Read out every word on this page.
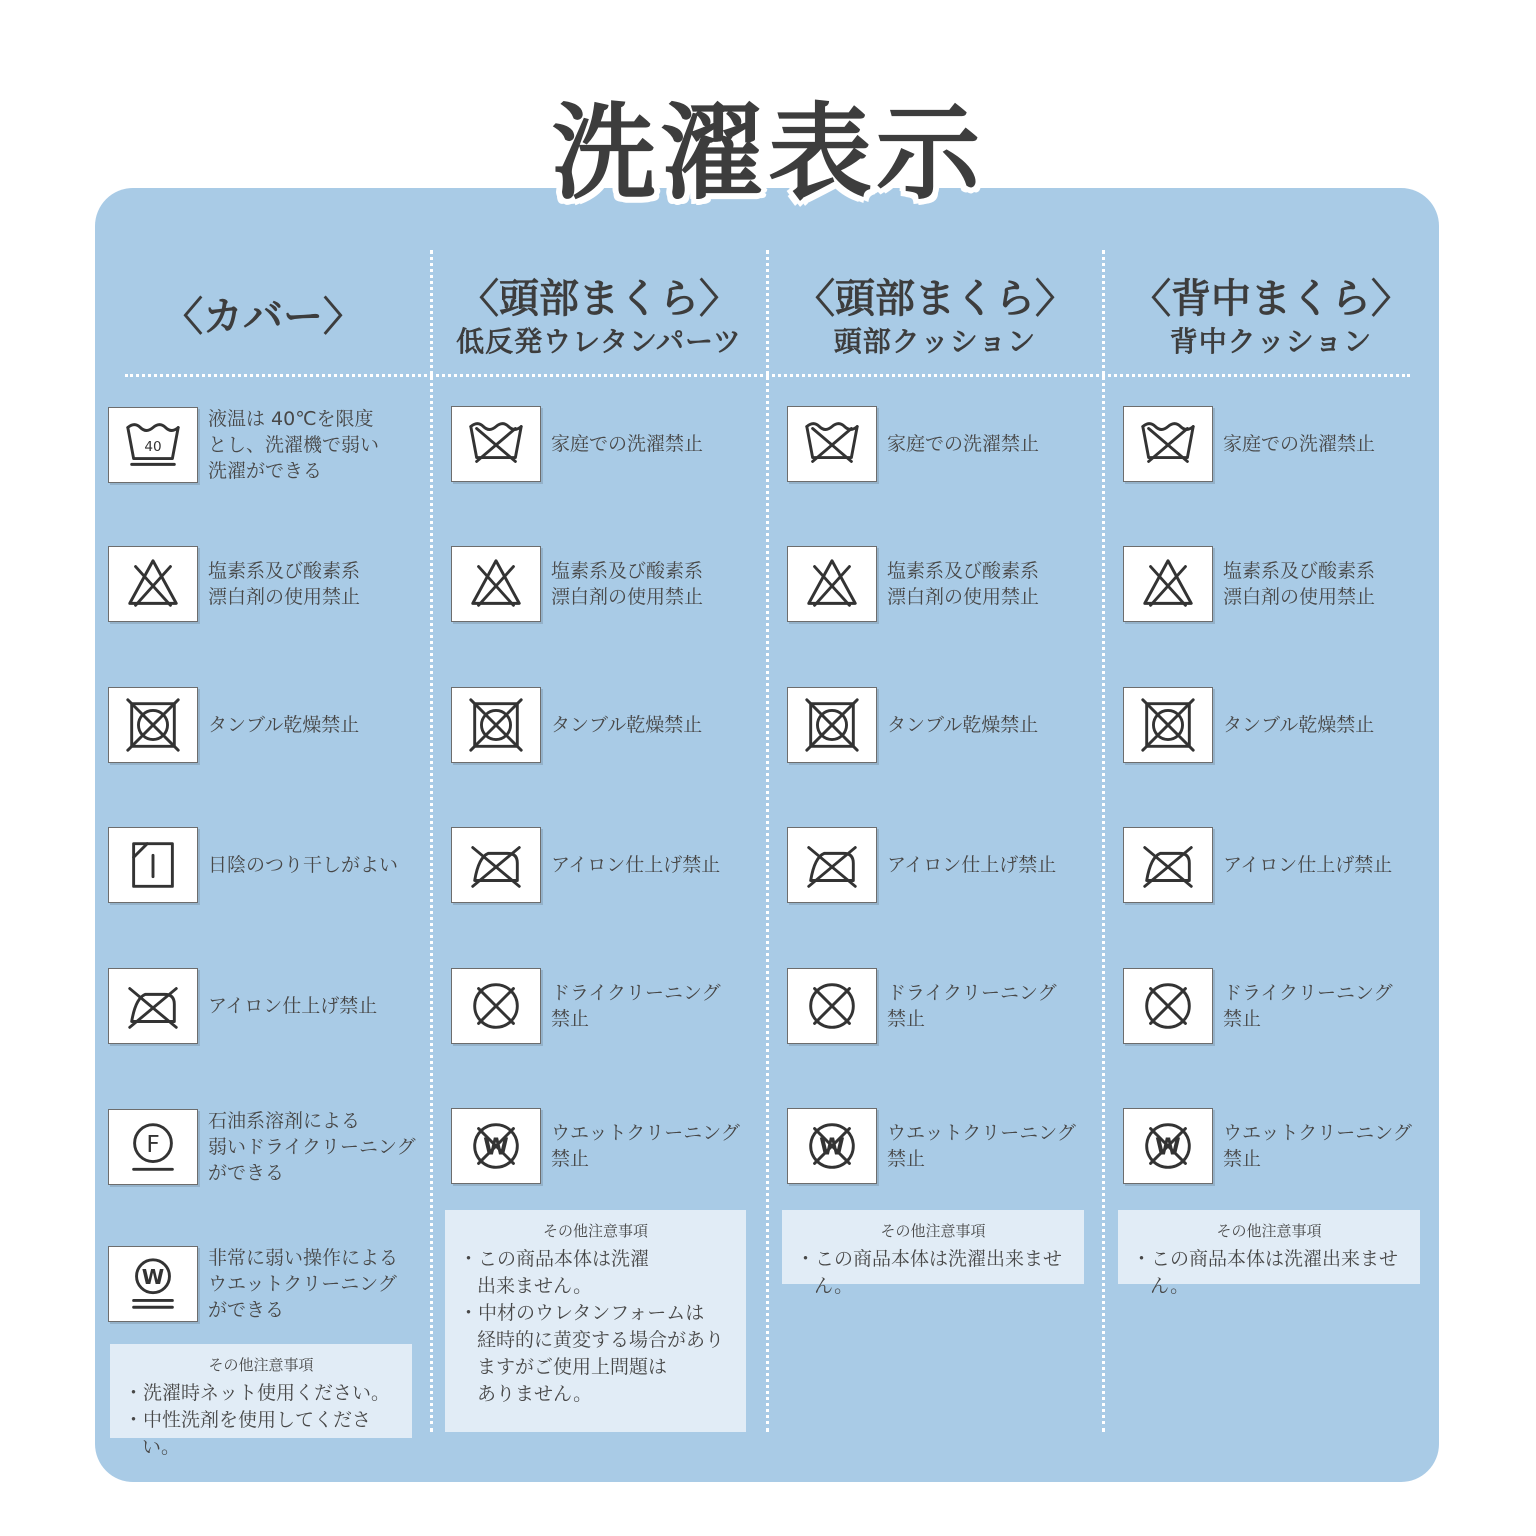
洗濯表示
〈カバー〉
40
液温は 40℃を限度
とし、洗濯機で弱い
洗濯ができる
塩素系及び酸素系
漂白剤の使用禁止
タンブル乾燥禁止
日陰のつり干しがよい
アイロン仕上げ禁止
F
石油系溶剤による
弱いドライクリーニング
ができる
W
非常に弱い操作による
ウエットクリーニング
ができる
その他注意事項
・洗濯時ネット使用ください。
・中性洗剤を使用してください。
〈頭部まくら〉
低反発ウレタンパーツ
家庭での洗濯禁止
塩素系及び酸素系
漂白剤の使用禁止
タンブル乾燥禁止
アイロン仕上げ禁止
ドライクリーニング
禁止
W
ウエットクリーニング
禁止
その他注意事項
・この商品本体は洗濯
出来ません。
・中材のウレタンフォームは
経時的に黄変する場合があり
ますがご使用上問題は
ありません。
〈頭部まくら〉
頭部クッション
家庭での洗濯禁止
塩素系及び酸素系
漂白剤の使用禁止
タンブル乾燥禁止
アイロン仕上げ禁止
ドライクリーニング
禁止
W
ウエットクリーニング
禁止
その他注意事項
・この商品本体は洗濯出来ません。
〈背中まくら〉
背中クッション
家庭での洗濯禁止
塩素系及び酸素系
漂白剤の使用禁止
タンブル乾燥禁止
アイロン仕上げ禁止
ドライクリーニング
禁止
W
ウエットクリーニング
禁止
その他注意事項
・この商品本体は洗濯出来ません。
